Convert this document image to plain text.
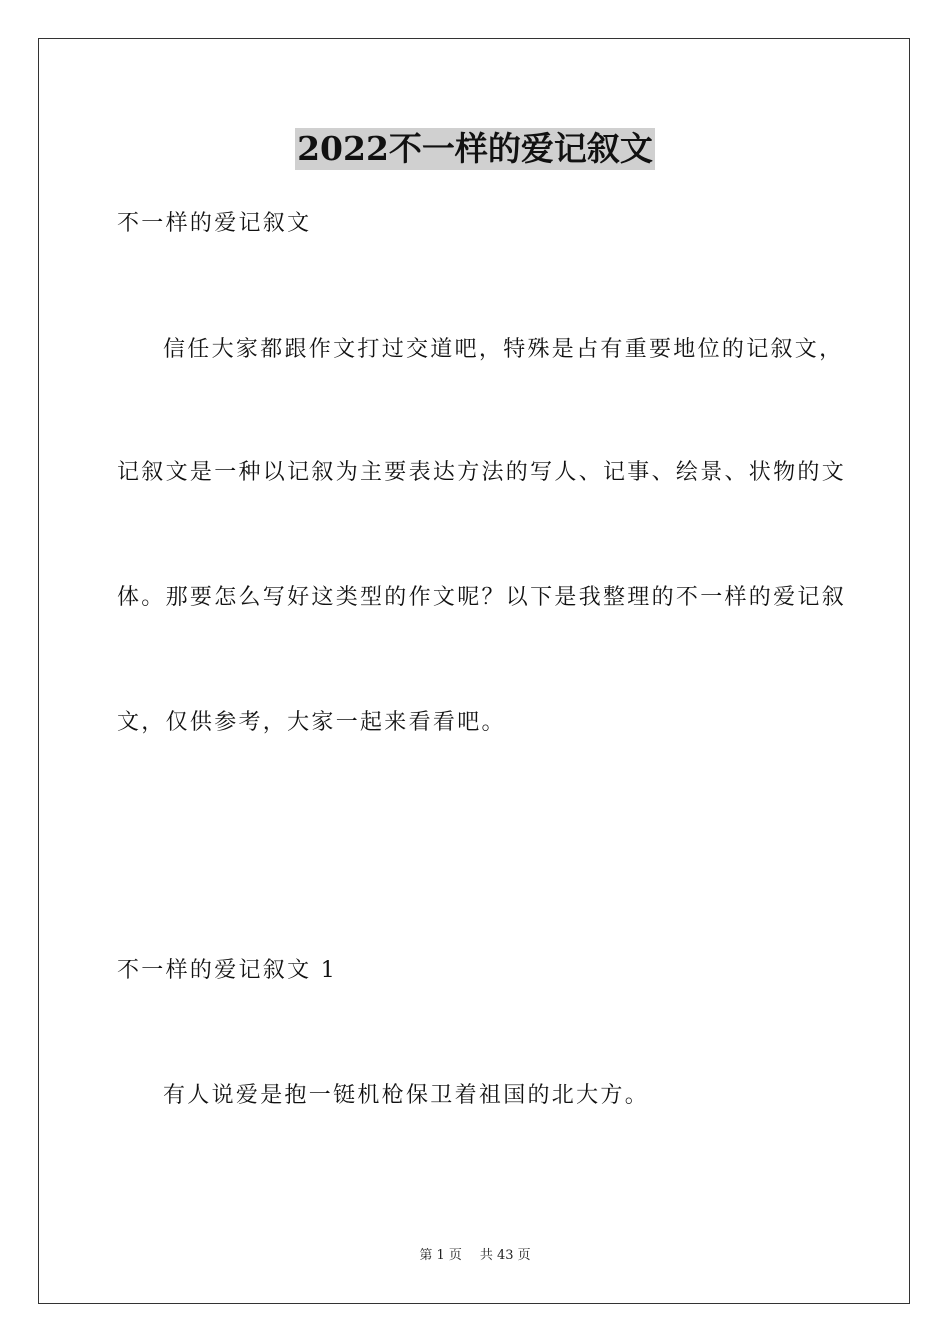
2022不一样的爱记叙文
不一样的爱记叙文
信任大家都跟作文打过交道吧，特殊是占有重要地位的记叙文，
记叙文是一种以记叙为主要表达方法的写人、记事、绘景、状物的文
体。那要怎么写好这类型的作文呢？以下是我整理的不一样的爱记叙
文，仅供参考，大家一起来看看吧。
不一样的爱记叙文 1
有人说爱是抱一铤机枪保卫着祖国的北大方。
第 1 页 共 43 页
